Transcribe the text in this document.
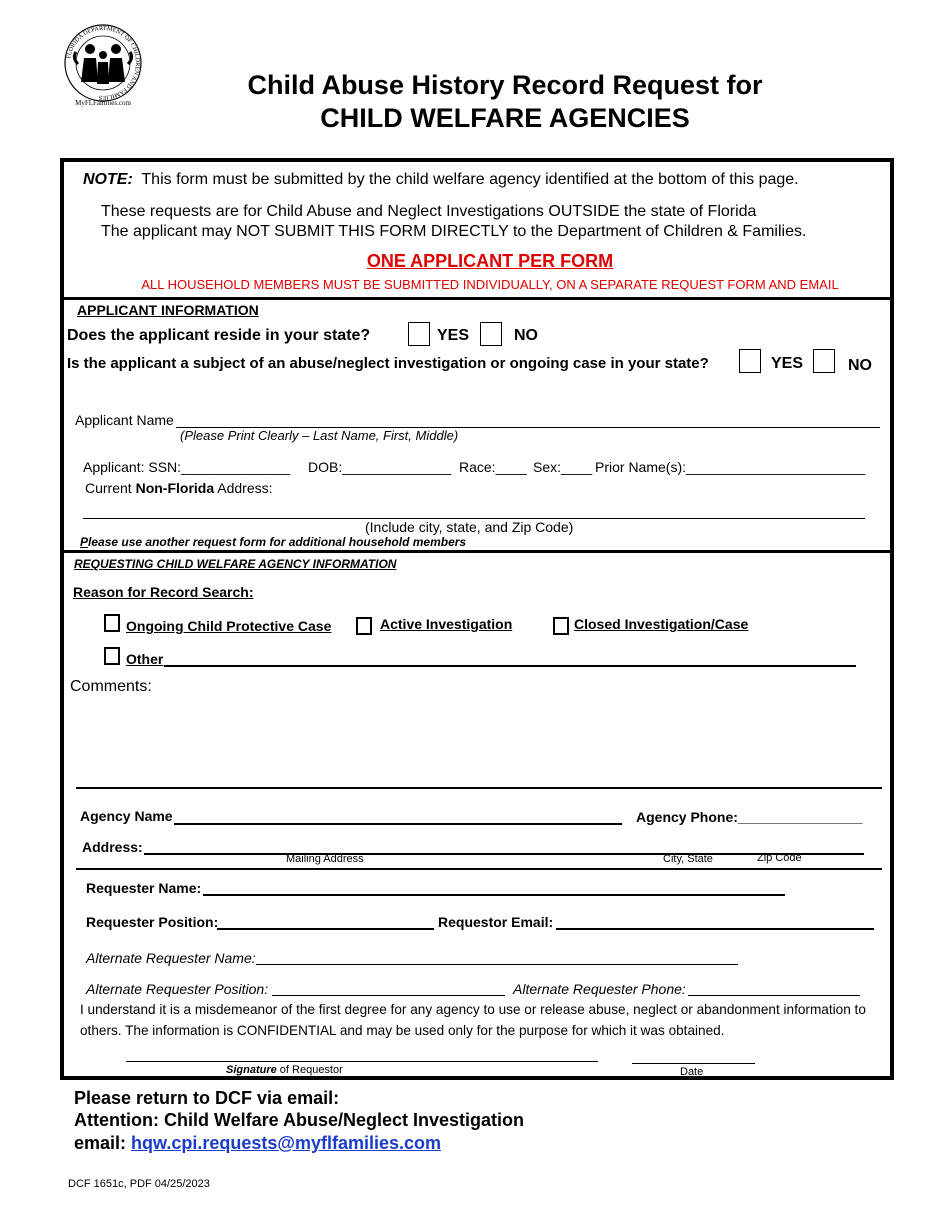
FLORIDA DEPARTMENT OF CHILDREN AND FAMILIES
MyFLFamilies.com
Child Abuse History Record Request for
CHILD WELFARE AGENCIES
NOTE: This form must be submitted by the child welfare agency identified at the bottom of this page.
These requests are for Child Abuse and Neglect Investigations OUTSIDE the state of Florida
The applicant may NOT SUBMIT THIS FORM DIRECTLY to the Department of Children & Families.
ONE APPLICANT PER FORM
ALL HOUSEHOLD MEMBERS MUST BE SUBMITTED INDIVIDUALLY, ON A SEPARATE REQUEST FORM AND EMAIL
APPLICANT INFORMATION
Does the applicant reside in your state?	YES	NO
Is the applicant a subject of an abuse/neglect investigation or ongoing case in your state?	YES	NO
Applicant Name
(Please Print Clearly – Last Name, First, Middle)
Applicant: SSN:______________ DOB:______________ Race:____ Sex:____ Prior Name(s):_______________________
Current Non-Florida Address:
(Include city, state, and Zip Code)
Please use another request form for additional household members
REQUESTING CHILD WELFARE AGENCY INFORMATION
Reason for Record Search:
Ongoing Child Protective Case	Active Investigation	Closed Investigation/Case
Other
Comments:
Agency Name	Agency Phone:________________
Address:
Mailing Address	City, State	Zip Code
Requester Name:
Requester Position:	Requestor Email:
Alternate Requester Name:
Alternate Requester Position:	Alternate Requester Phone:
I understand it is a misdemeanor of the first degree for any agency to use or release abuse, neglect or abandonment information to
others. The information is CONFIDENTIAL and may be used only for the purpose for which it was obtained.
Signature of Requestor	Date
Please return to DCF via email:
Attention: Child Welfare Abuse/Neglect Investigation
email: hqw.cpi.requests@myflfamilies.com
DCF 1651c, PDF 04/25/2023
